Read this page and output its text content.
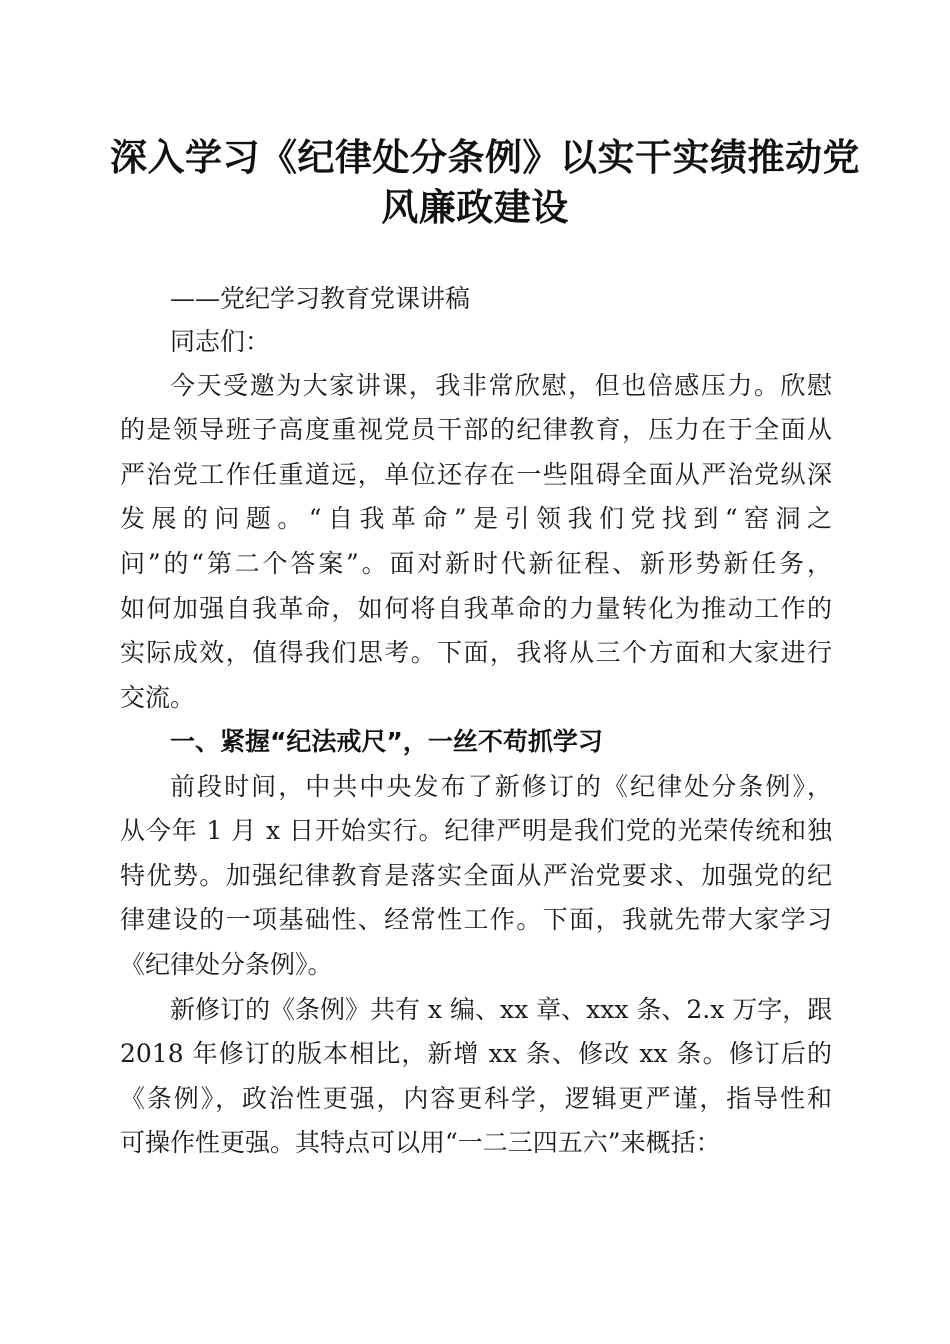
深入学习《纪律处分条例》以实干实绩推动党
风廉政建设
——党纪学习教育党课讲稿
同志们：
今天受邀为大家讲课，我非常欣慰，但也倍感压力。欣慰
的是领导班子高度重视党员干部的纪律教育，压力在于全面从
严治党工作任重道远，单位还存在一些阻碍全面从严治党纵深
发展的问题。“自我革命”是引领我们党找到“窑洞之
问”的“第二个答案”。面对新时代新征程、新形势新任务，
如何加强自我革命，如何将自我革命的力量转化为推动工作的
实际成效，值得我们思考。下面，我将从三个方面和大家进行
交流。
一、紧握“纪法戒尺”，一丝不苟抓学习
前段时间，中共中央发布了新修订的《纪律处分条例》，
从今年 1 月 x 日开始实行。纪律严明是我们党的光荣传统和独
特优势。加强纪律教育是落实全面从严治党要求、加强党的纪
律建设的一项基础性、经常性工作。下面，我就先带大家学习
《纪律处分条例》。
新修订的《条例》共有 x 编、xx 章、xxx 条、2.x 万字，跟
2018 年修订的版本相比，新增 xx 条、修改 xx 条。修订后的
《条例》，政治性更强，内容更科学，逻辑更严谨，指导性和
可操作性更强。其特点可以用“一二三四五六”来概括：
